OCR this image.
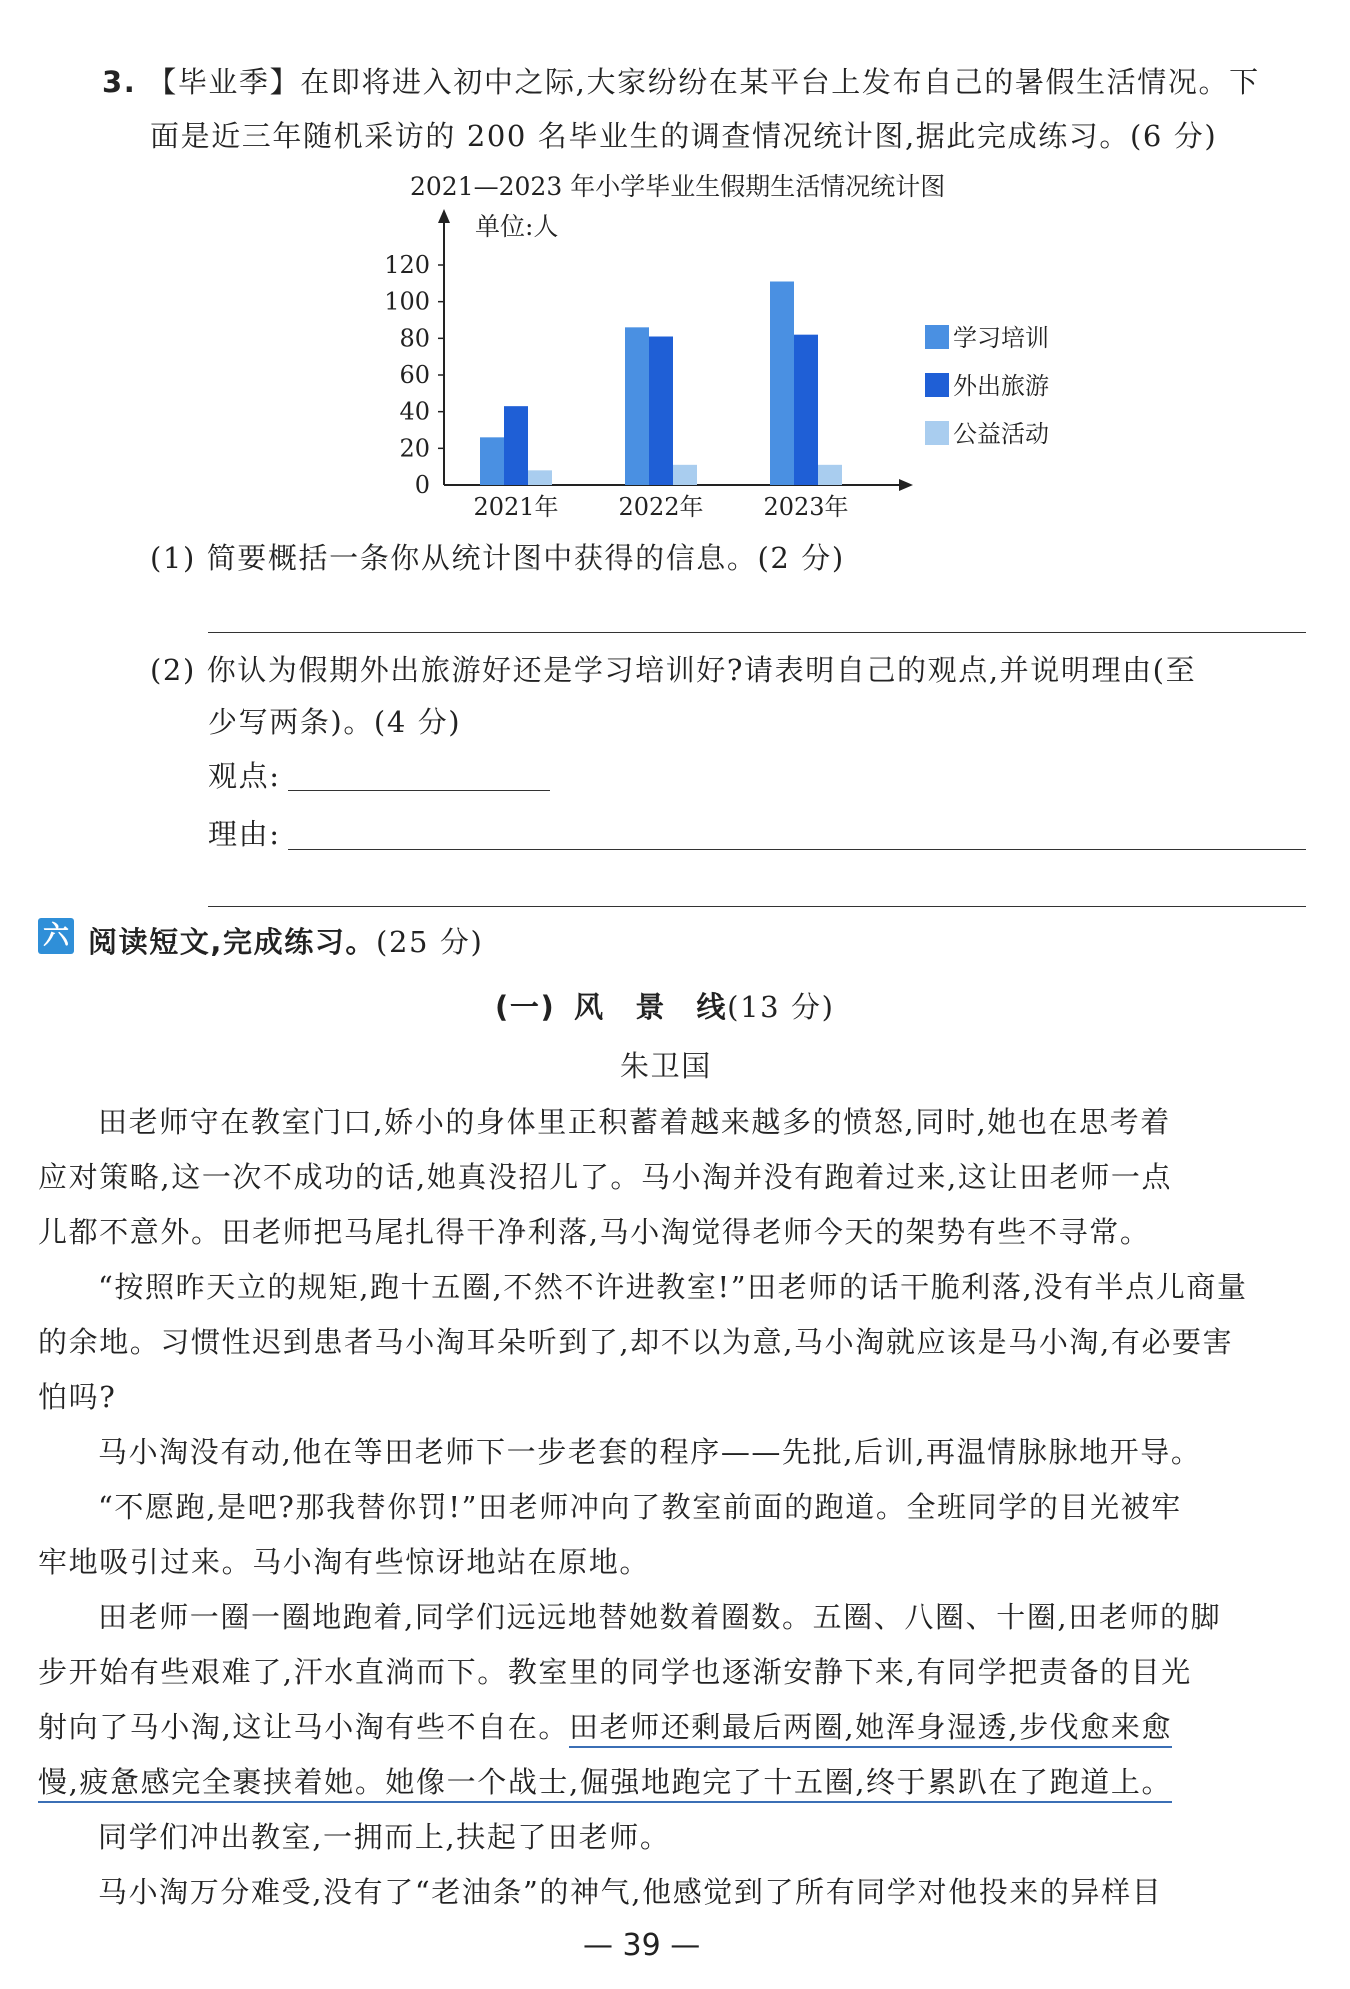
3. 【毕业季】在即将进入初中之际,大家纷纷在某平台上发布自己的暑假生活情况。下
面是近三年随机采访的 200 名毕业生的调查情况统计图,据此完成练习。(6 分)
2021—2023 年小学毕业生假期生活情况统计图
单位:人
0
20
40
60
80
100
120
2021年 2022年 2023年
学习培训
外出旅游
公益活动
(1) 简要概括一条你从统计图中获得的信息。(2 分)
(2) 你认为假期外出旅游好还是学习培训好?请表明自己的观点,并说明理由(至
少写两条)。(4 分)
观点:
理由:
六 阅读短文,完成练习。(25 分)
(一) 风　景　线(13 分)
朱卫国
田老师守在教室门口,娇小的身体里正积蓄着越来越多的愤怒,同时,她也在思考着
应对策略,这一次不成功的话,她真没招儿了。马小淘并没有跑着过来,这让田老师一点
儿都不意外。田老师把马尾扎得干净利落,马小淘觉得老师今天的架势有些不寻常。
“按照昨天立的规矩,跑十五圈,不然不许进教室!”田老师的话干脆利落,没有半点儿商量
的余地。习惯性迟到患者马小淘耳朵听到了,却不以为意,马小淘就应该是马小淘,有必要害
怕吗?
马小淘没有动,他在等田老师下一步老套的程序——先批,后训,再温情脉脉地开导。
“不愿跑,是吧?那我替你罚!”田老师冲向了教室前面的跑道。全班同学的目光被牢
牢地吸引过来。马小淘有些惊讶地站在原地。
田老师一圈一圈地跑着,同学们远远地替她数着圈数。五圈、八圈、十圈,田老师的脚
步开始有些艰难了,汗水直淌而下。教室里的同学也逐渐安静下来,有同学把责备的目光
射向了马小淘,这让马小淘有些不自在。田老师还剩最后两圈,她浑身湿透,步伐愈来愈
慢,疲惫感完全裹挟着她。她像一个战士,倔强地跑完了十五圈,终于累趴在了跑道上。
同学们冲出教室,一拥而上,扶起了田老师。
马小淘万分难受,没有了“老油条”的神气,他感觉到了所有同学对他投来的异样目
— 39 —
